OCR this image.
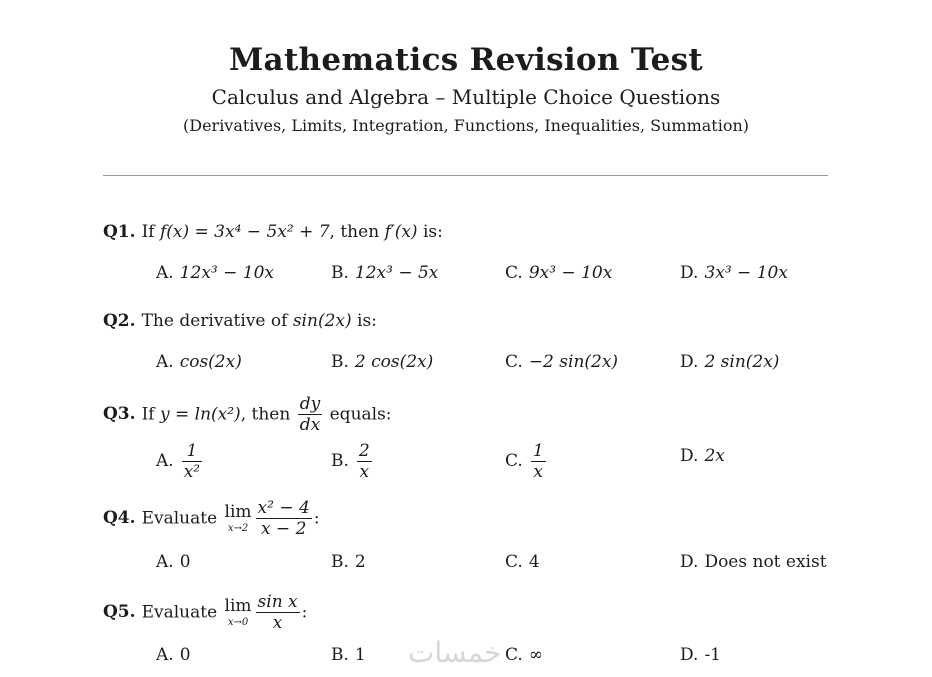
Mathematics Revision Test
Calculus and Algebra – Multiple Choice Questions
(Derivatives, Limits, Integration, Functions, Inequalities, Summation)
Q1. If f(x) = 3x⁴ − 5x² + 7, then f′(x) is:
A. 12x³ − 10x	B. 12x³ − 5x	C. 9x³ − 10x	D. 3x³ − 10x
Q2. The derivative of sin(2x) is:
A. cos(2x)	B. 2 cos(2x)	C. −2 sin(2x)	D. 2 sin(2x)
Q3. If y = ln(x²), then $\frac{dy}{dx}$ equals:
A. $\frac{1}{\text{x²}}$	B. $\frac{2}{x}$	C. $\frac{1}{x}$	D. 2x
Q4. Evaluate lim
$x\to 2 \frac{\text{x² − 4}}{x - 2}$ :
A. 0	B. 2	C. 4	D. Does not exist
Q5. Evaluate lim
$x\to 0 \frac{\text{sin x}}{x}$ :
A. 0	B. 1	C. ∞	D. -1
خمسات
